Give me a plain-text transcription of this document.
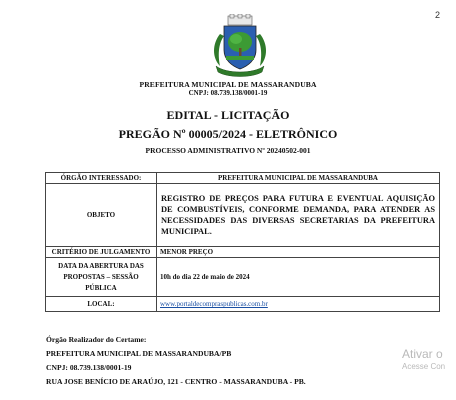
2
PREFEITURA MUNICIPAL DE MASSARANDUBA
CNPJ: 08.739.138/0001-19
EDITAL - LICITAÇÃO
PREGÃO Nº 00005/2024 - ELETRÔNICO
PROCESSO ADMINISTRATIVO Nº 20240502-001
ÓRGÃO INTERESSADO:	PREFEITURA MUNICIPAL DE MASSARANDUBA
OBJETO	REGISTRO DE PREÇOS PARA FUTURA E EVENTUAL AQUISIÇÃO DE COMBUSTÍVEIS, CONFORME DEMANDA, PARA ATENDER AS NECESSIDADES DAS DIVERSAS SECRETARIAS DA PREFEITURA MUNICIPAL.
CRITÉRIO DE JULGAMENTO	MENOR PREÇO
DATA DA ABERTURA DAS PROPOSTAS – SESSÃO PÚBLICA	10h do dia 22 de maio de 2024
LOCAL:	www.portaldecompraspublicas.com.br
Órgão Realizador do Certame:
PREFEITURA MUNICIPAL DE MASSARANDUBA/PB
CNPJ: 08.739.138/0001-19
RUA JOSE BENÍCIO DE ARAÚJO, 121 - CENTRO - MASSARANDUBA - PB.
Ativar o
Acesse Con
